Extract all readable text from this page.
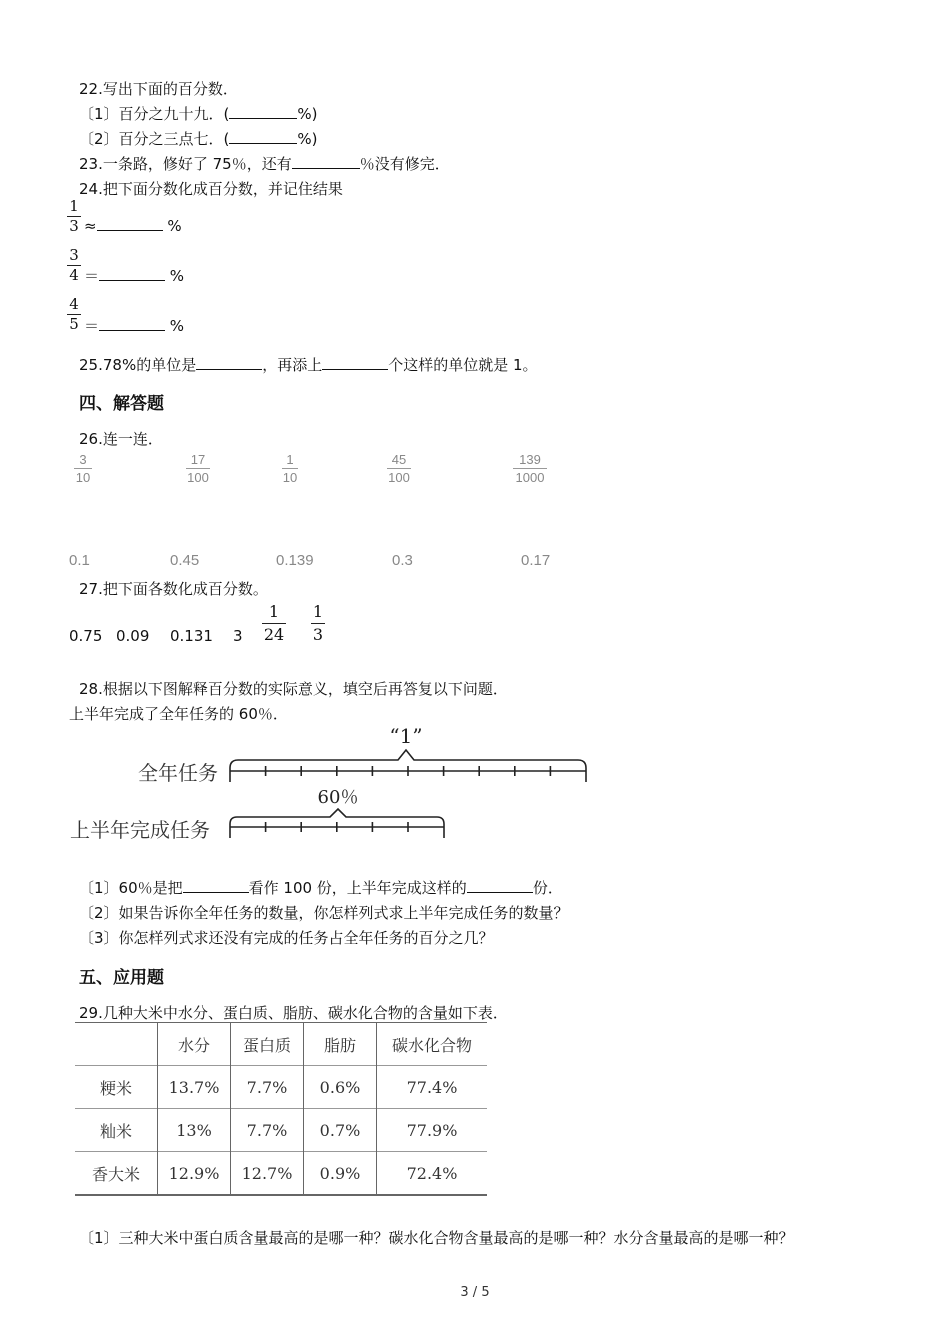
22.写出下面的百分数．
〔1〕百分之九十九．(	%)
〔2〕百分之三点七．(	%)
23.一条路，修好了 75％，还有	％没有修完．
24.把下面分数化成百分数，并记住结果
1
3 ≈	%
3
4 ＝	%
4
5 ＝	%
25.78%的单位是	，再添上	个这样的单位就是 1。
四、解答题
26.连一连．
3
10
17
100
1
10
45
100
139
1000
0.1	0.45	0.139	0.3	0.17
27.把下面各数化成百分数。
0.75 0.09 0.131 3
1
24
1
3
28.根据以下图解释百分数的实际意义，填空后再答复以下问题．
上半年完成了全年任务的 60％．
“1”
全年任务
60％
上半年完成任务
〔1〕60％是把	看作 100 份，上半年完成这样的	份．
〔2〕如果告诉你全年任务的数量，你怎样列式求上半年完成任务的数量？
〔3〕你怎样列式求还没有完成的任务占全年任务的百分之几？
五、应用题
29.几种大米中水分、蛋白质、脂肪、碳水化合物的含量如下表．
	水分	蛋白质	脂肪	碳水化合物
粳米	13.7%	7.7%	0.6%	77.4%
籼米	13%	7.7%	0.7%	77.9%
香大米	12.9%	12.7%	0.9%	72.4%
〔1〕三种大米中蛋白质含量最高的是哪一种？碳水化合物含量最高的是哪一种？水分含量最高的是哪一种？
3 / 5
